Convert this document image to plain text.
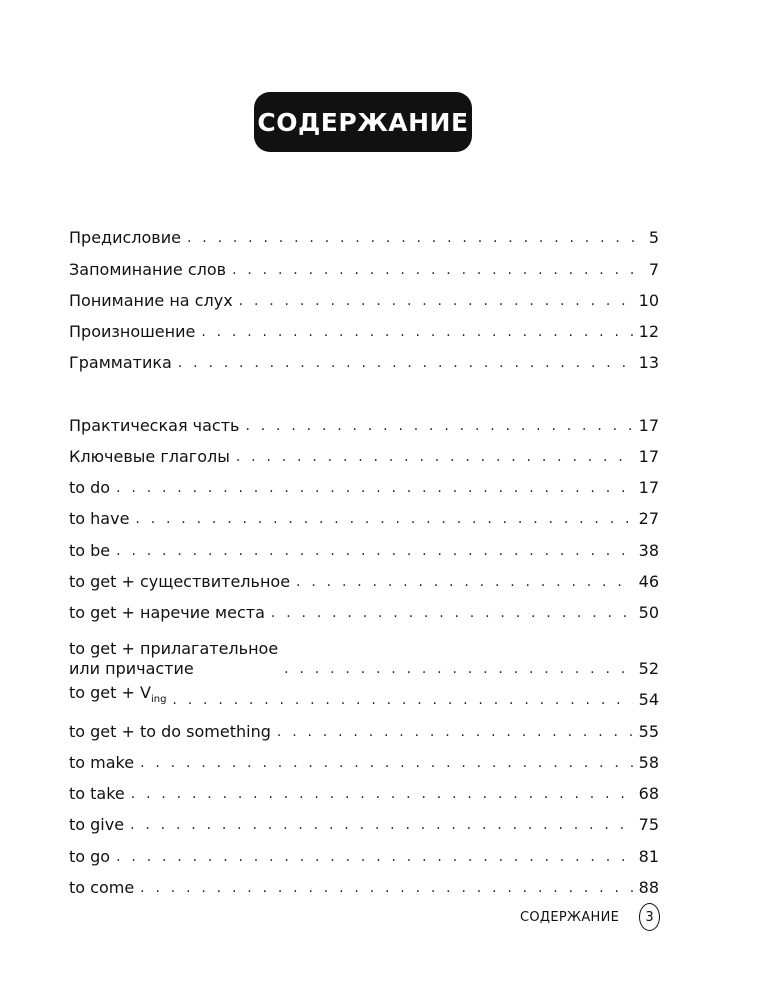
СОДЕРЖАНИЕ
Предисловие . . .	5
Запоминание слов . . .	7
Понимание на слух . . .	10
Произношение . . .	12
Грамматика . . .	13
Практическая часть . . .	17
Ключевые глаголы . . .	17
to do . . .	17
to have . . .	27
to be . . .	38
to get + существительное . . .	46
to get + наречие места . . .	50
to get + прилагательное
или причастие . . .	52
to get + $V_{ing}$ . . .	54
to get + to do something . . .	55
to make . . .	58
to take . . .	68
to give . . .	75
to go . . .	81
to come . . .	88
СОДЕРЖАНИЕ	3
